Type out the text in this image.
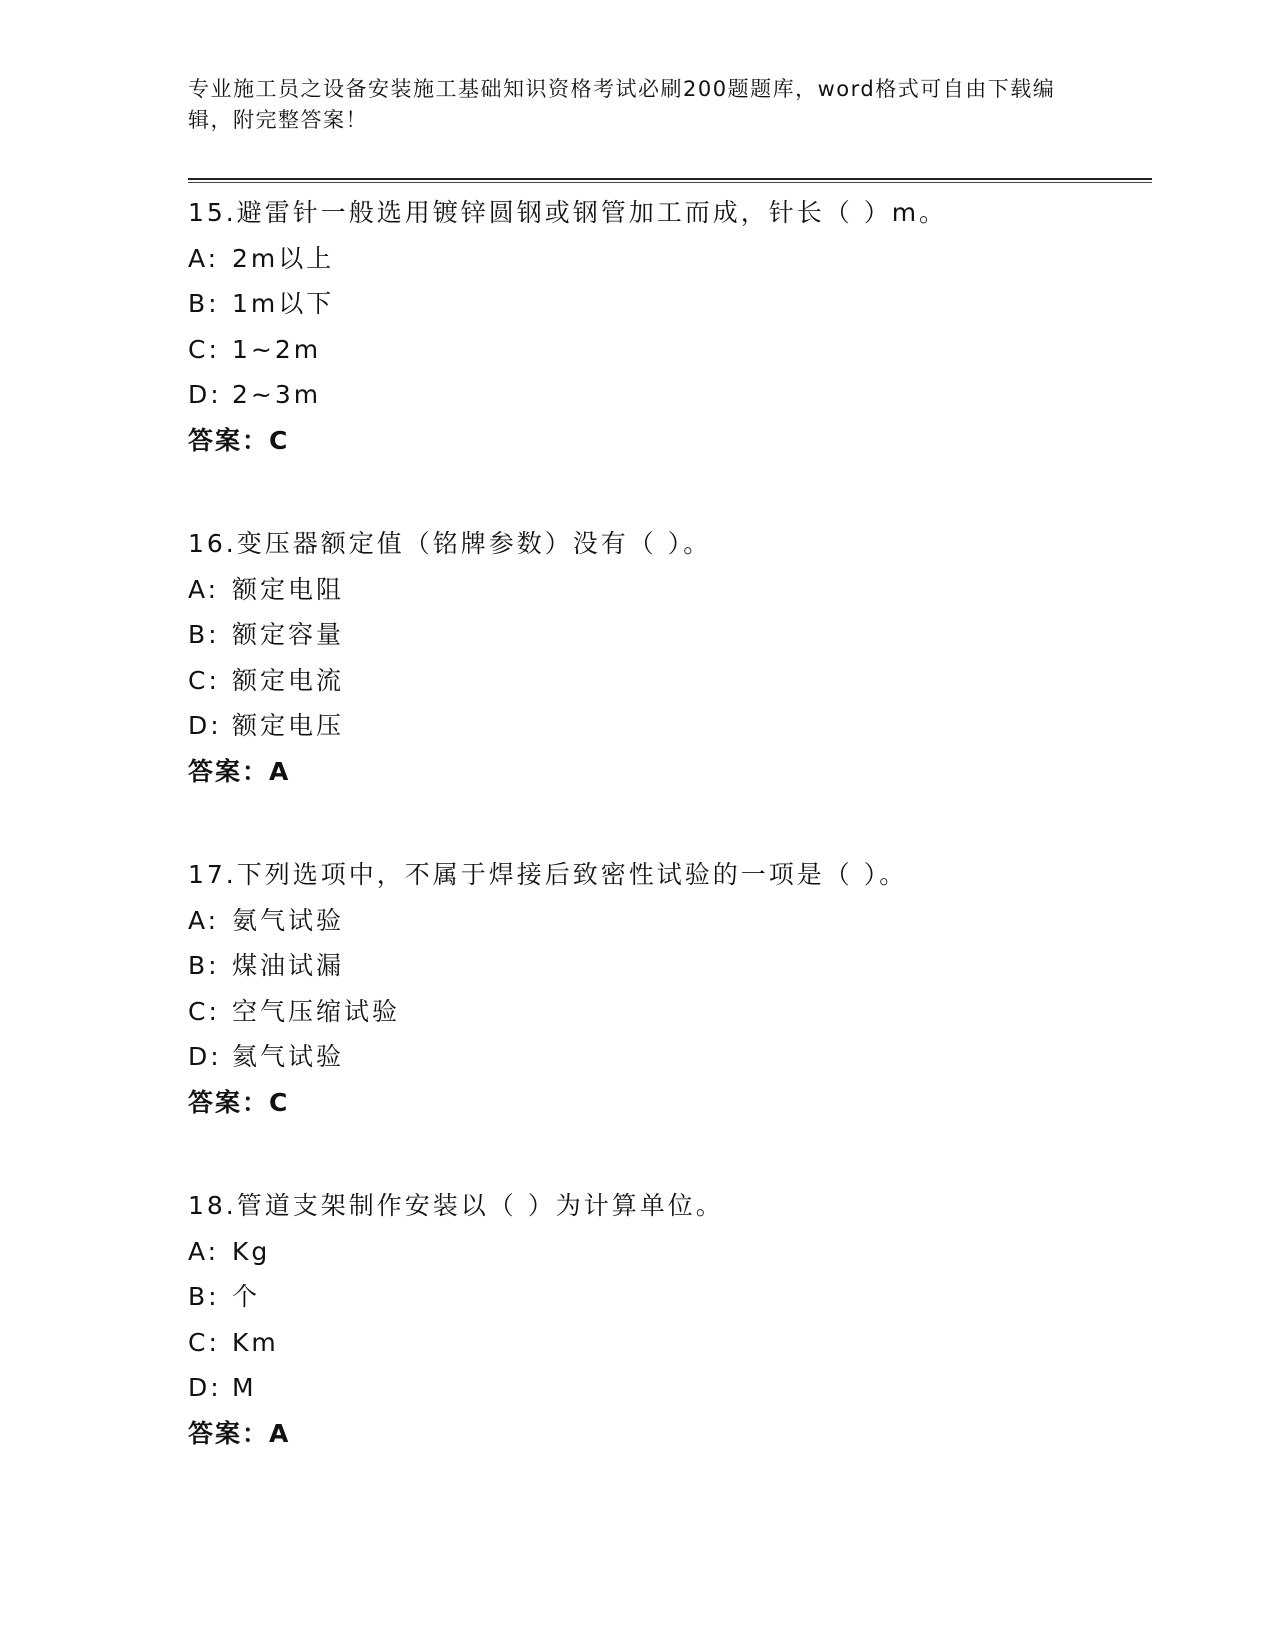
专业施工员之设备安装施工基础知识资格考试必刷200题题库，word格式可自由下载编辑，附完整答案！
15.避雷针一般选用镀锌圆钢或钢管加工而成，针长（ ）m。
A: 2m以上
B: 1m以下
C: 1~2m
D: 2~3m
答案：C
16.变压器额定值（铭牌参数）没有（ ）。
A: 额定电阻
B: 额定容量
C: 额定电流
D: 额定电压
答案：A
17.下列选项中，不属于焊接后致密性试验的一项是（ ）。
A: 氨气试验
B: 煤油试漏
C: 空气压缩试验
D: 氦气试验
答案：C
18.管道支架制作安装以（ ）为计算单位。
A: Kg
B: 个
C: Km
D: M
答案：A
